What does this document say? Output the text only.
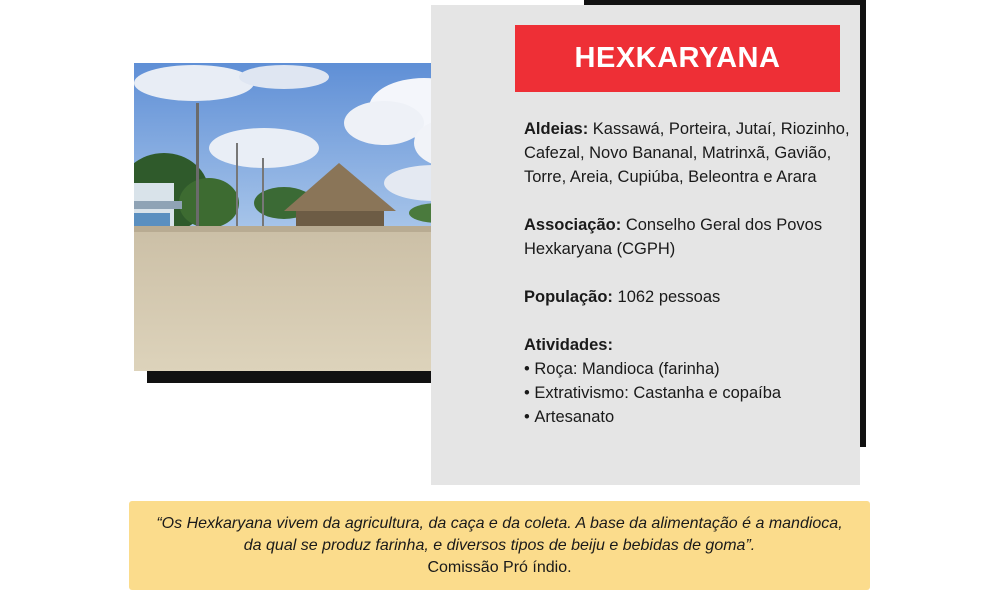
HEXKARYANA

Aldeias: Kassawá, Porteira, Jutaí, Riozinho, Cafezal, Novo Bananal, Matrinxã, Gavião, Torre, Areia, Cupiúba, Beleontra e Arara

Associação: Conselho Geral dos Povos Hexkaryana (CGPH)

População: 1062 pessoas

Atividades:

• Roça: Mandioca (farinha)
• Extrativismo: Castanha e copaíba
• Artesanato
“Os Hexkaryana vivem da agricultura, da caça e da coleta. A base da alimentação é a mandioca, da qual se produz farinha, e diversos tipos de beiju e bebidas de goma”.
Comissão Pró índio.
